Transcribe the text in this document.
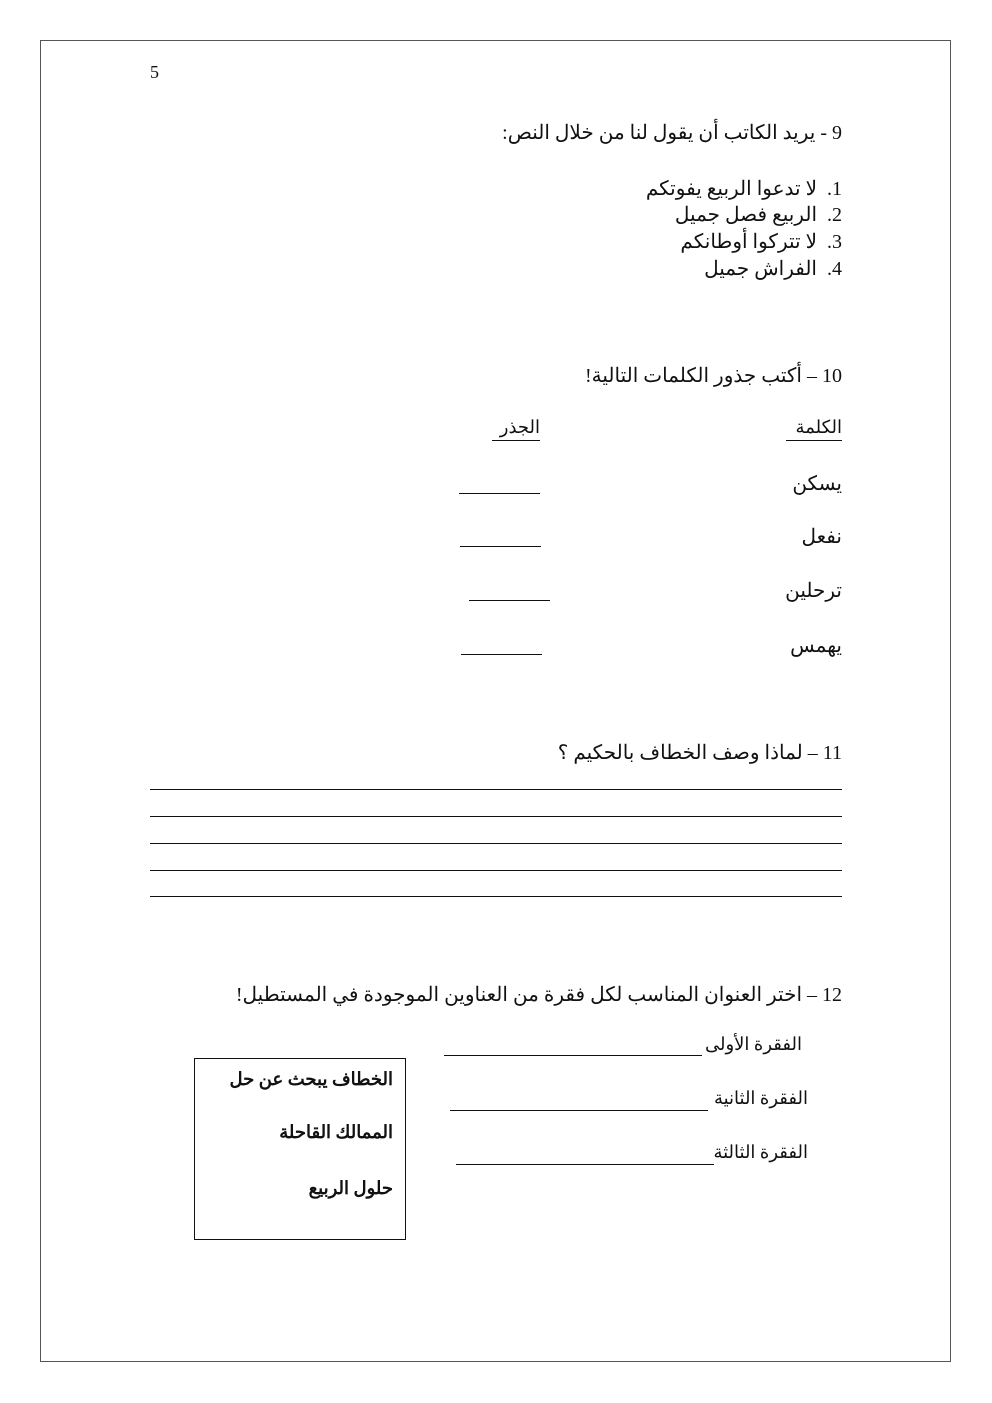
5
9 - يريد الكاتب أن يقول لنا من خلال النص:
1.  لا تدعوا الربيع يفوتكم
2.  الربيع فصل جميل
3.  لا تتركوا أوطانكم
4.  الفراش جميل
10 – أكتب جذور الكلمات التالية!
الكلمة
الجذر
يسكن
نفعل
ترحلين
يهمس
11 – لماذا وصف الخطاف بالحكيم ؟
12 – اختر العنوان المناسب لكل فقرة من العناوين الموجودة في المستطيل!
الفقرة الأولى
الفقرة الثانية
الفقرة الثالثة
الخطاف يبحث عن حل
الممالك القاحلة
حلول الربيع
